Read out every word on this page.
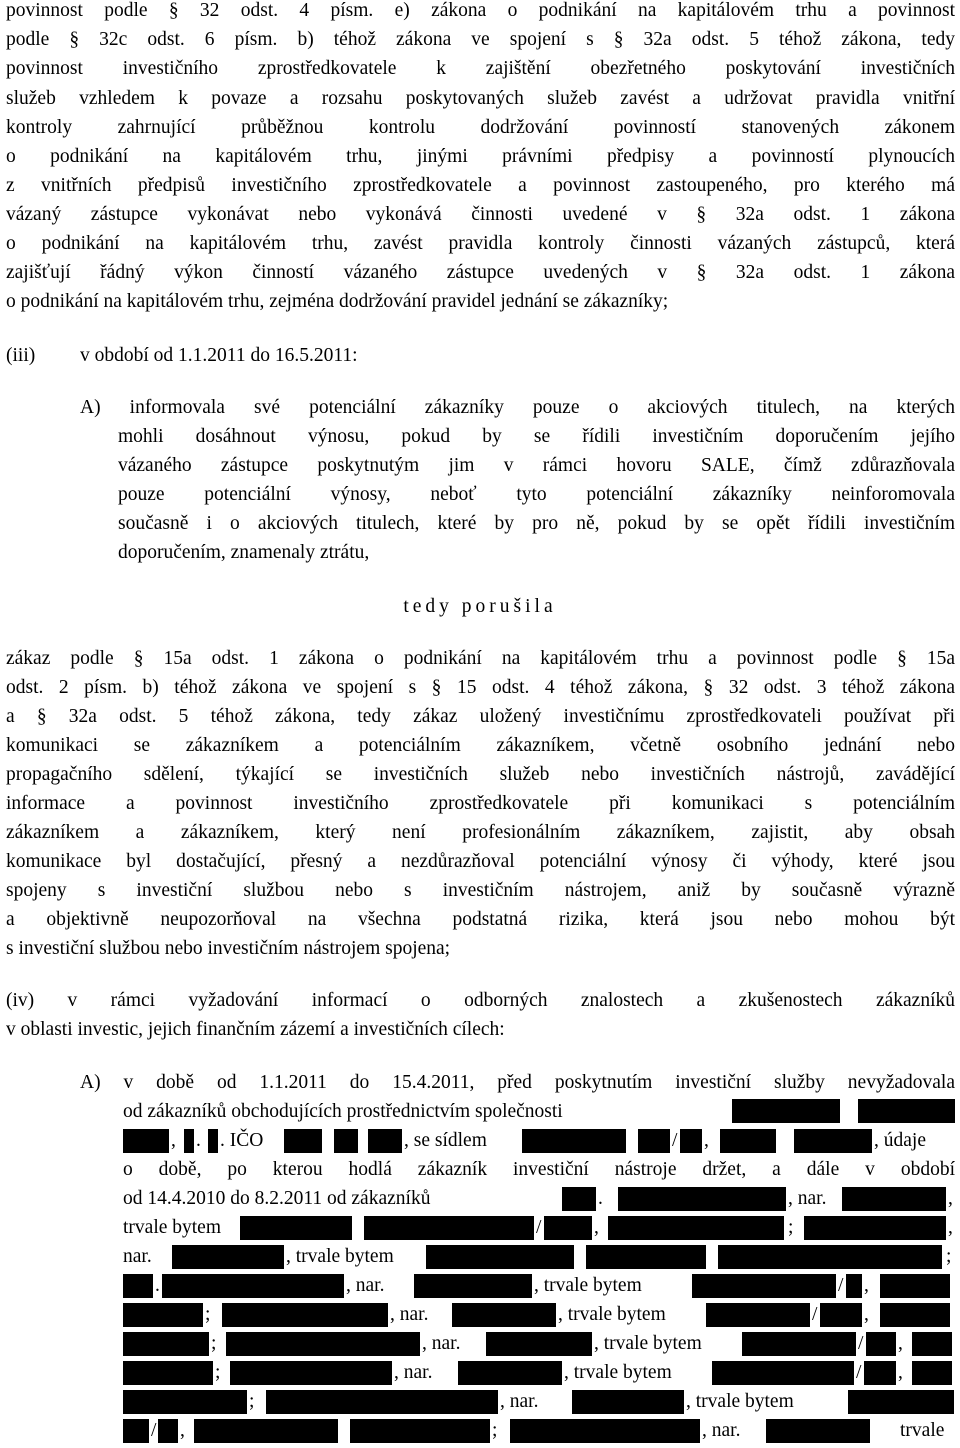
povinnost podle § 32 odst. 4 písm. e) zákona o podnikání na kapitálovém trhu a povinnost
podle § 32c odst. 6 písm. b) téhož zákona ve spojení s § 32a odst. 5 téhož zákona, tedy
povinnost investičního zprostředkovatele k zajištění obezřetného poskytování investičních
služeb vzhledem k povaze a rozsahu poskytovaných služeb zavést a udržovat pravidla vnitřní
kontroly zahrnující průběžnou kontrolu dodržování povinností stanovených zákonem
o podnikání na kapitálovém trhu, jinými právními předpisy a povinností plynoucích
z vnitřních předpisů investičního zprostředkovatele a povinnost zastoupeného, pro kterého má
vázaný zástupce vykonávat nebo vykonává činnosti uvedené v § 32a odst. 1 zákona
o podnikání na kapitálovém trhu, zavést pravidla kontroly činnosti vázaných zástupců, která
zajišťují řádný výkon činností vázaného zástupce uvedených v § 32a odst. 1 zákona
o podnikání na kapitálovém trhu, zejména dodržování pravidel jednání se zákazníky;
(iii) v období od 1.1.2011 do 16.5.2011:
A) informovala své potenciální zákazníky pouze o akciových titulech, na kterých
mohli dosáhnout výnosu, pokud by se řídili investičním doporučením jejího
vázaného zástupce poskytnutým jim v rámci hovoru SALE, čímž zdůrazňovala
pouze potenciální výnosy, neboť tyto potenciální zákazníky neinforomovala
současně i o akciových titulech, které by pro ně, pokud by se opět řídili investičním
doporučením, znamenaly ztrátu,
tedy porušila
zákaz podle § 15a odst. 1 zákona o podnikání na kapitálovém trhu a povinnost podle § 15a
odst. 2 písm. b) téhož zákona ve spojení s § 15 odst. 4 téhož zákona, § 32 odst. 3 téhož zákona
a § 32a odst. 5 téhož zákona, tedy zákaz uložený investičnímu zprostředkovateli používat při
komunikaci se zákazníkem a potenciálním zákazníkem, včetně osobního jednání nebo
propagačního sdělení, týkající se investičních služeb nebo investičních nástrojů, zavádějící
informace a povinnost investičního zprostředkovatele při komunikaci s potenciálním
zákazníkem a zákazníkem, který není profesionálním zákazníkem, zajistit, aby obsah
komunikace byl dostačující, přesný a nezdůrazňoval potenciální výnosy či výhody, které jsou
spojeny s investiční službou nebo s investičním nástrojem, aniž by současně výrazně
a objektivně neupozorňoval na všechna podstatná rizika, která jsou nebo mohou být
s investiční službou nebo investičním nástrojem spojena;
(iv) v rámci vyžadování informací o odborných znalostech a zkušenostech zákazníků
v oblasti investic, jejich finančním zázemí a investičních cílech:
A) v době od 1.1.2011 do 15.4.2011, před poskytnutím investiční služby nevyžadovala
od zákazníků obchodujících prostřednictvím společnosti
, . . IČO	, se sídlem	/ ,	, údaje
o době, po kterou hodlá zákazník investiční nástroje držet, a dále v období
od 14.4.2010 do 8.2.2011 od zákazníků	.	, nar.	,
trvale bytem	/	,	;	,
nar.	, trvale bytem	;
.	, nar.	, trvale bytem	/ ,
;	, nar.	, trvale bytem	/ ,
;	, nar.	, trvale bytem	/ ,
;	, nar.	, trvale bytem	/ ,
;	, nar.	, trvale bytem
/ ,	;	, nar.	trvale
